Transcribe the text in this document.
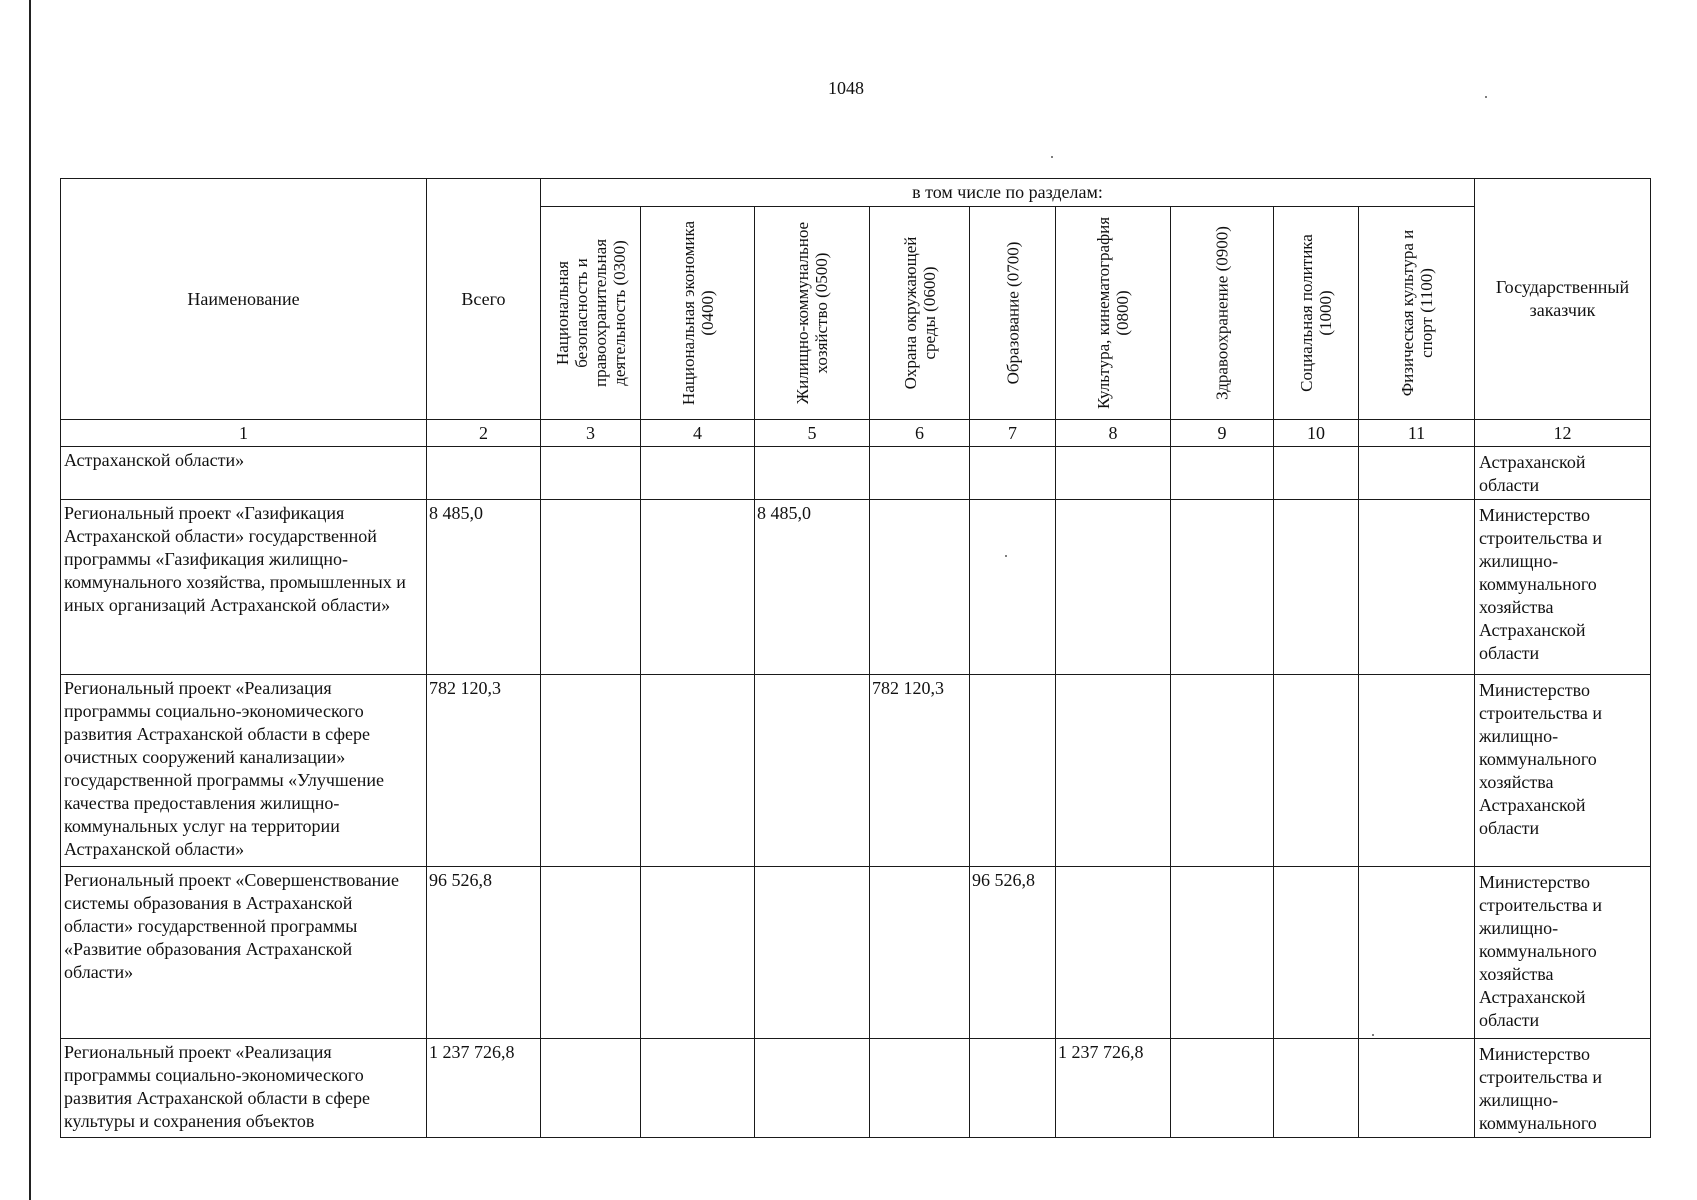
1048
Наименование	Всего	в том числе по разделам:									Государственный заказчик

		Национальная безопасность и правоохранительная деятельность (0300)	Национальная экономика (0400)	Жилищно-коммунальное хозяйство (0500)	Охрана окружающей среды (0600)	Образование (0700)	Культура, кинематография (0800)	Здравоохранение (0900)	Социальная политика (1000)	Физическая культура и спорт (1100)	

1	2	3	4	5	6	7	8	9	10	11	12
Астраханской области»											Астраханской области
Региональный проект «Газификация Астраханской области» государственной программы «Газификация жилищно-коммунального хозяйства, промышленных и иных организаций Астраханской области»	8 485,0			8 485,0							Министерство строительства и жилищно-коммунального хозяйства Астраханской области
Региональный проект «Реализация программы социально-экономического развития Астраханской области в сфере очистных сооружений канализации» государственной программы «Улучшение качества предоставления жилищно-коммунальных услуг на территории Астраханской области»	782 120,3				782 120,3						Министерство строительства и жилищно-коммунального хозяйства Астраханской области
Региональный проект «Совершенствование системы образования в Астраханской области» государственной программы «Развитие образования Астраханской области»	96 526,8					96 526,8					Министерство строительства и жилищно-коммунального хозяйства Астраханской области
Региональный проект «Реализация программы социально-экономического развития Астраханской области в сфере культуры и сохранения объектов	1 237 726,8						1 237 726,8				Министерство строительства и жилищно-коммунального
